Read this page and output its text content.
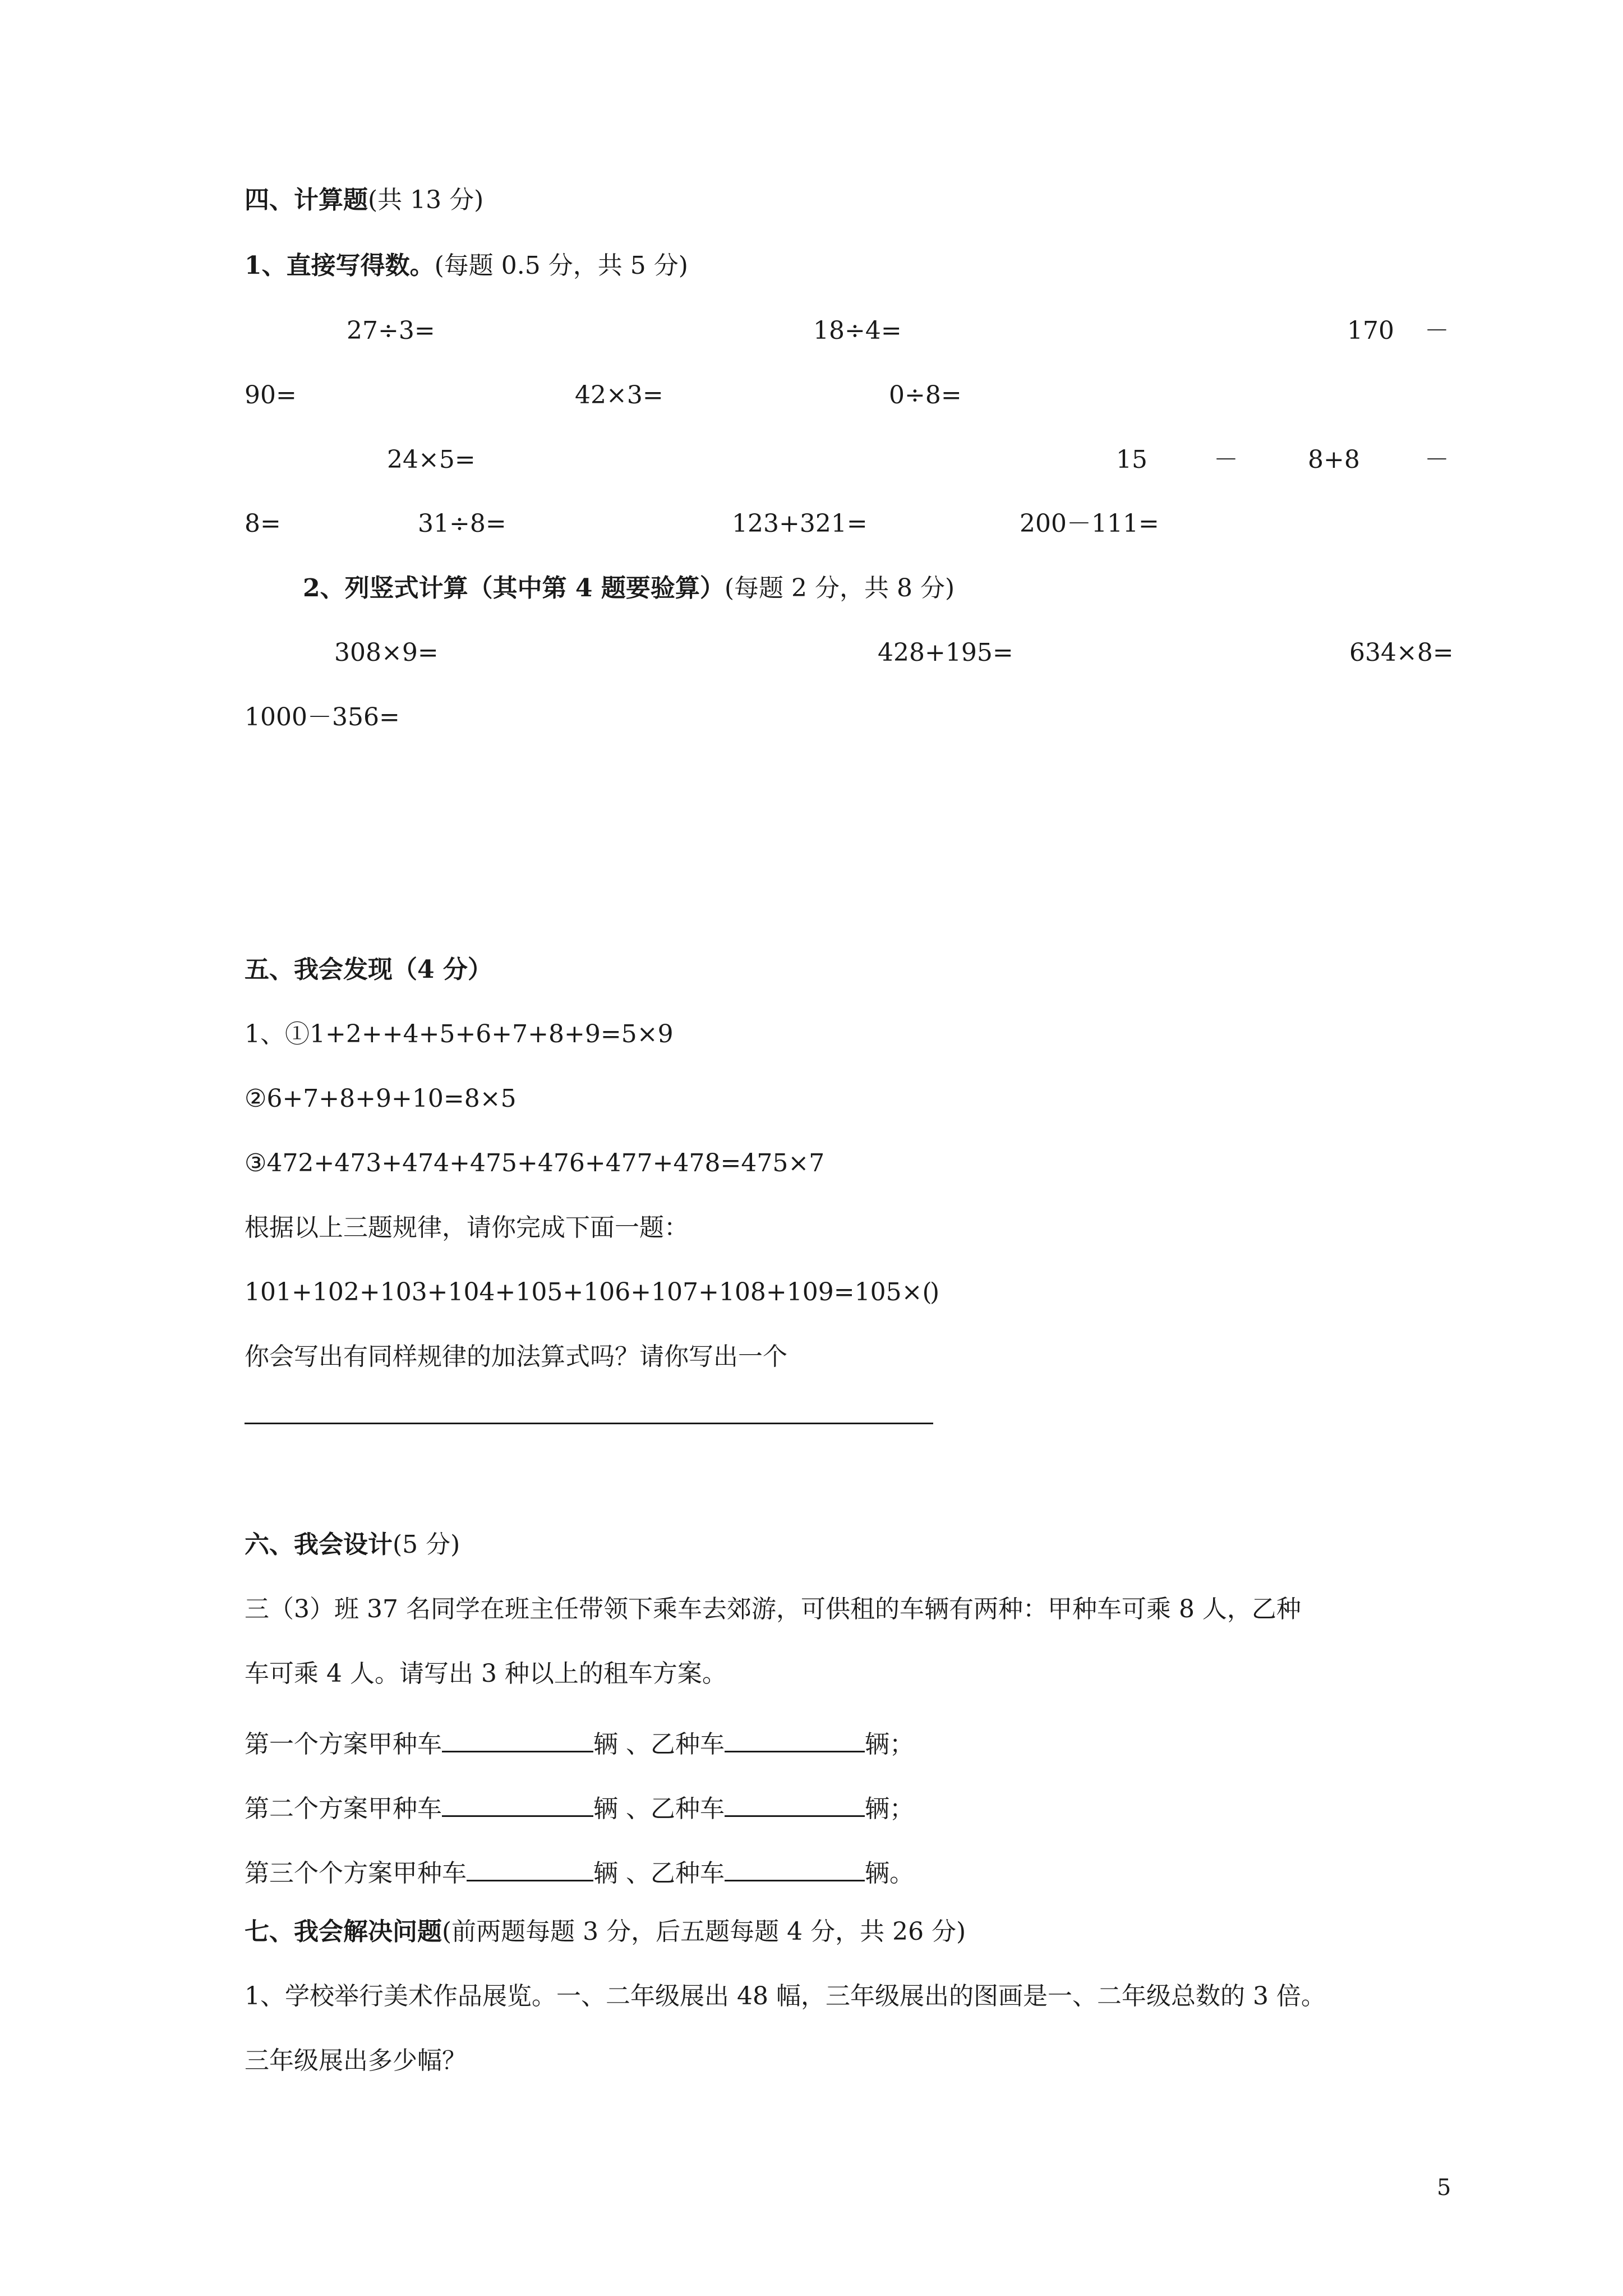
四、计算题(共 13 分)
1、直接写得数。(每题 0.5 分，共 5 分)
27÷3=	18÷4=	170 －
90=	42×3=	0÷8=
24×5=	15	－	8+8	－
8=	31÷8=	123+321=	200－111=
2、列竖式计算（其中第 4 题要验算）(每题 2 分，共 8 分)
308×9=	428+195=	634×8=
1000－356=
五、我会发现（4 分）
1、①1+2++4+5+6+7+8+9=5×9
②6+7+8+9+10=8×5
③472+473+474+475+476+477+478=475×7
根据以上三题规律，请你完成下面一题：
101+102+103+104+105+106+107+108+109=105×(
)
你会写出有同样规律的加法算式吗？请你写出一个
六、我会设计(5 分)
三（3）班 37 名同学在班主任带领下乘车去郊游，可供租的车辆有两种：甲种车可乘 8 人，乙种
车可乘 4 人。请写出 3 种以上的租车方案。
第一个方案甲种车	辆 、乙种车	辆；
第二个方案甲种车	辆 、乙种车	辆；
第三个个方案甲种车	辆 、乙种车	辆。
七、我会解决问题(前两题每题 3 分，后五题每题 4 分，共 26 分)
1、学校举行美术作品展览。一、二年级展出 48 幅，三年级展出的图画是一、二年级总数的 3 倍。
三年级展出多少幅？
5
